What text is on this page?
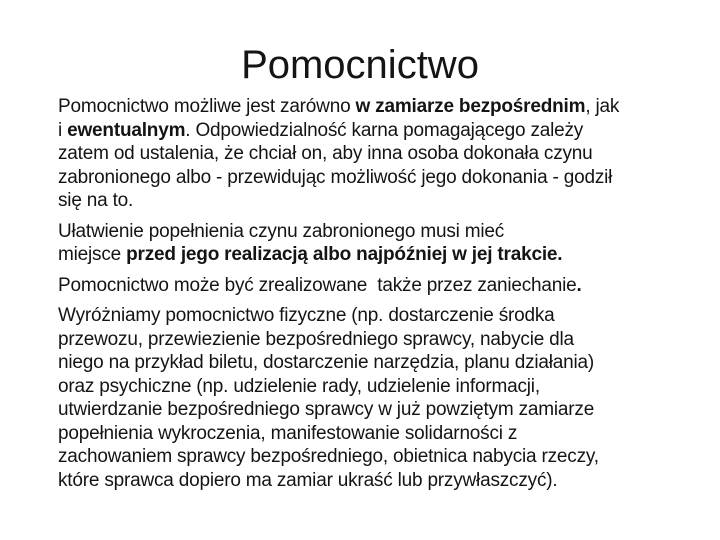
Pomocnictwo
Pomocnictwo możliwe jest zarówno w zamiarze bezpośrednim, jak
i ewentualnym. Odpowiedzialność karna pomagającego zależy
zatem od ustalenia, że chciał on, aby inna osoba dokonała czynu
zabronionego albo - przewidując możliwość jego dokonania - godził
się na to.
Ułatwienie popełnienia czynu zabronionego musi mieć
miejsce przed jego realizacją albo najpóźniej w jej trakcie.
Pomocnictwo może być zrealizowane  także przez zaniechanie.
Wyróżniamy pomocnictwo fizyczne (np. dostarczenie środka
przewozu, przewiezienie bezpośredniego sprawcy, nabycie dla
niego na przykład biletu, dostarczenie narzędzia, planu działania)
oraz psychiczne (np. udzielenie rady, udzielenie informacji,
utwierdzanie bezpośredniego sprawcy w już powziętym zamiarze
popełnienia wykroczenia, manifestowanie solidarności z
zachowaniem sprawcy bezpośredniego, obietnica nabycia rzeczy,
które sprawca dopiero ma zamiar ukraść lub przywłaszczyć).
